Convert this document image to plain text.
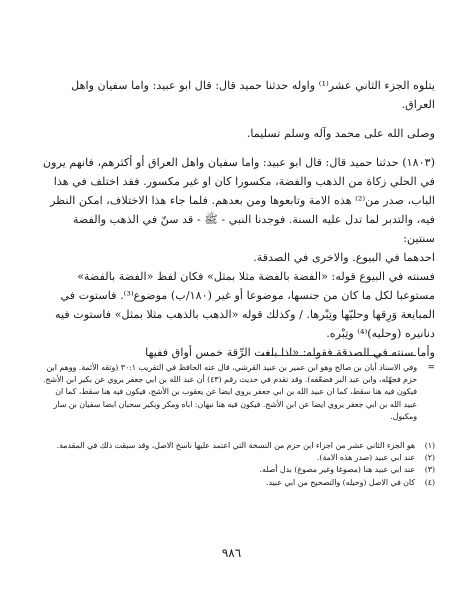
يتلوه الجزء الثاني عشر⁽¹⁾ واوله حدثنا حميد قال: قال ابو عبيد: واما سفيان واهل العراق.

وصلى الله على محمد وآله وسلم تسليما.

(١٨٠٣) حدثنا حميد قال: قال ابو عبيد: واما سفيان واهل العراق أو أكثرهم، فانهم يرون في الحلي زكاة من الذهب والفضة، مكسورا كان او غير مكسور. فقد اختلف في هذا الباب، صدر من⁽²⁾ هذه الامة وتابعوها ومن بعدهم. فلما جاء هذا الاختلاف، امكن النظر فيه، والتدبر لما تدل عليه السنة. فوجدنا النبي - ﷺ - قد سنّ في الذهب والفضة سنتين:

احدهما في البيوع. والاخرى في الصدقة.

فسنته في البيوع قوله: «الفضة بالفضة مثلا بمثل» فكان لفظ «الفضة بالفضة» مستوعبا لكل ما كان من جنسها، موضوعا أو غير (١٨٠/ب) موضوع⁽³⁾. فاستوت في المبايعة وَرِقها وحليّها وتِبْرها. / وكذلك قوله «الذهب بالذهب مثلا بمثل» فاستوت فيه دنانيره (وحليه)⁽⁴⁾ وتِبْره.

وأما سنته في الصدقة فقوله: «اذا بلغت الرِّقة خمس أواق ففيها

=

وفي الاسناد أبان بن صالح وهو ابن عمير بن عبيد القرشي، قال عنه الحافظ في التقريب ٣٠:١ (وثقه الأئمة. ووهم ابن حزم فجهّله، وابن عبد البر فضعّفه). وقد تقدم في حديث رقم (٤٣) أن عبد الله بن ابي جعفر يروي عن بكير ابن الأشج. فيكون فيه هنا سقط، كما ان عبيد الله بن ابي جعفر يروي ايضا عن يعقوب بن الأشج، فيكون فيه هنا سقط، كما ان عبيد الله بن ابي جعفر يروي ايضا عن ابن الأشج. فيكون فيه هنا نبهان: اباه ومكر وبكير سحبان ابضا سفيان بن سار ومكبول.

(١)
هو الجزء الثاني عشر من اجزاء ابن حزم من النسخة التي اعتمد عليها ناسخ الاصل، وقد سبقت ذلك في المقدمة.
(٢)
عند ابي عبيد (صدر هذه الامة).
(٣)
عند ابي عبيد هنا (مصوغا وغير مصوغ) بدل أصله.
(٤)
كان في الاصل (وحيله) والتصحيح من ابي عبيد.
٩٨٦
